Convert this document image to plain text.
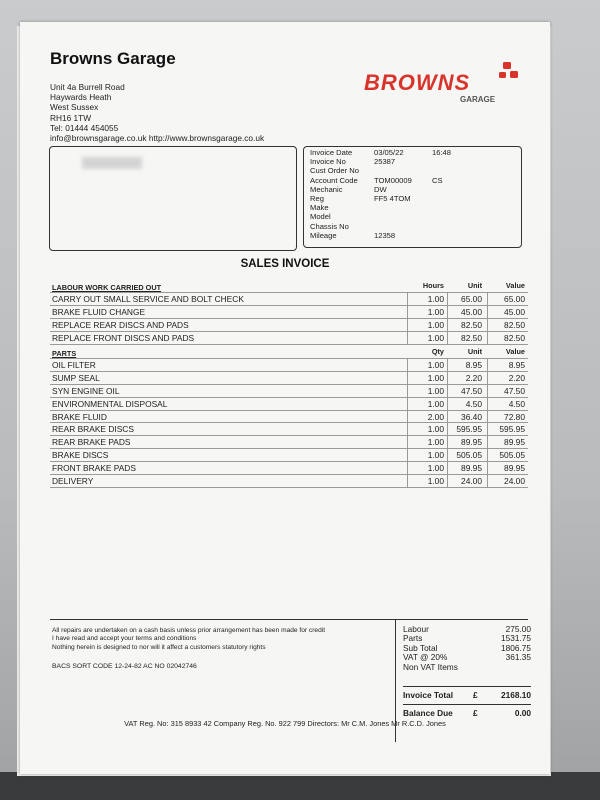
Browns Garage
Unit 4a Burrell Road
Haywards Heath
West Sussex
RH16 1TW
Tel: 01444 454055
info@brownsgarage.co.uk http://www.brownsgarage.co.uk
BROWNS
GARAGE
Invoice Date	03/05/22	16:48
Invoice No	25387
Cust Order No
Account Code	TOM00009	CS
Mechanic	DW
Reg	FF5 4TOM
Make
Model
Chassis No
Mileage	12358
SALES INVOICE
LABOUR WORK CARRIED OUT	Hours	Unit	Value
CARRY OUT SMALL SERVICE AND BOLT CHECK	1.00	65.00	65.00
BRAKE FLUID CHANGE	1.00	45.00	45.00
REPLACE REAR DISCS AND PADS	1.00	82.50	82.50
REPLACE FRONT DISCS AND PADS	1.00	82.50	82.50
PARTS	Qty	Unit	Value
OIL FILTER	1.00	8.95	8.95
SUMP SEAL	1.00	2.20	2.20
SYN ENGINE OIL	1.00	47.50	47.50
ENVIRONMENTAL DISPOSAL	1.00	4.50	4.50
BRAKE FLUID	2.00	36.40	72.80
REAR BRAKE DISCS	1.00	595.95	595.95
REAR BRAKE PADS	1.00	89.95	89.95
BRAKE DISCS	1.00	505.05	505.05
FRONT BRAKE PADS	1.00	89.95	89.95
DELIVERY	1.00	24.00	24.00
All repairs are undertaken on a cash basis unless prior arrangement has been made for credit
I have read and accept your terms and conditions
Nothing herein is designed to nor will it affect a customers statutory rights
BACS SORT CODE 12-24-82 AC NO 02042746
Labour	275.00
Parts	1531.75
Sub Total	1806.75
VAT @ 20%	361.35
Non VAT Items
Invoice Total £	2168.10
Balance Due £	0.00
VAT Reg. No: 315 8933 42 Company Reg. No. 922 799 Directors: Mr C.M. Jones Mr R.C.D. Jones
